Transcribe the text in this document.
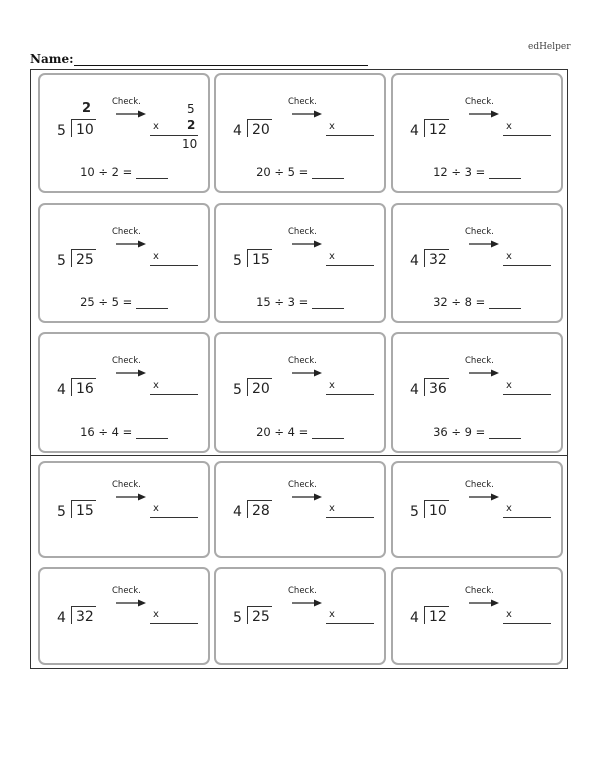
edHelper
Name:
5 10
2 Check.
x
5
2
10
10 ÷ 2 =
4 20
Check.
x
20 ÷ 5 =
4 12
Check.
x
12 ÷ 3 =
5 25
Check.
x
25 ÷ 5 =
5 15
Check.
x
15 ÷ 3 =
4 32
Check.
x
32 ÷ 8 =
4 16
Check.
x
16 ÷ 4 =
5 20
Check.
x
20 ÷ 4 =
4 36
Check.
x
36 ÷ 9 =
5 15
Check.
x	4 28
Check.
x	5 10
Check.
x
4 32
Check.
x	5 25
Check.
x	4 12
Check.
x
